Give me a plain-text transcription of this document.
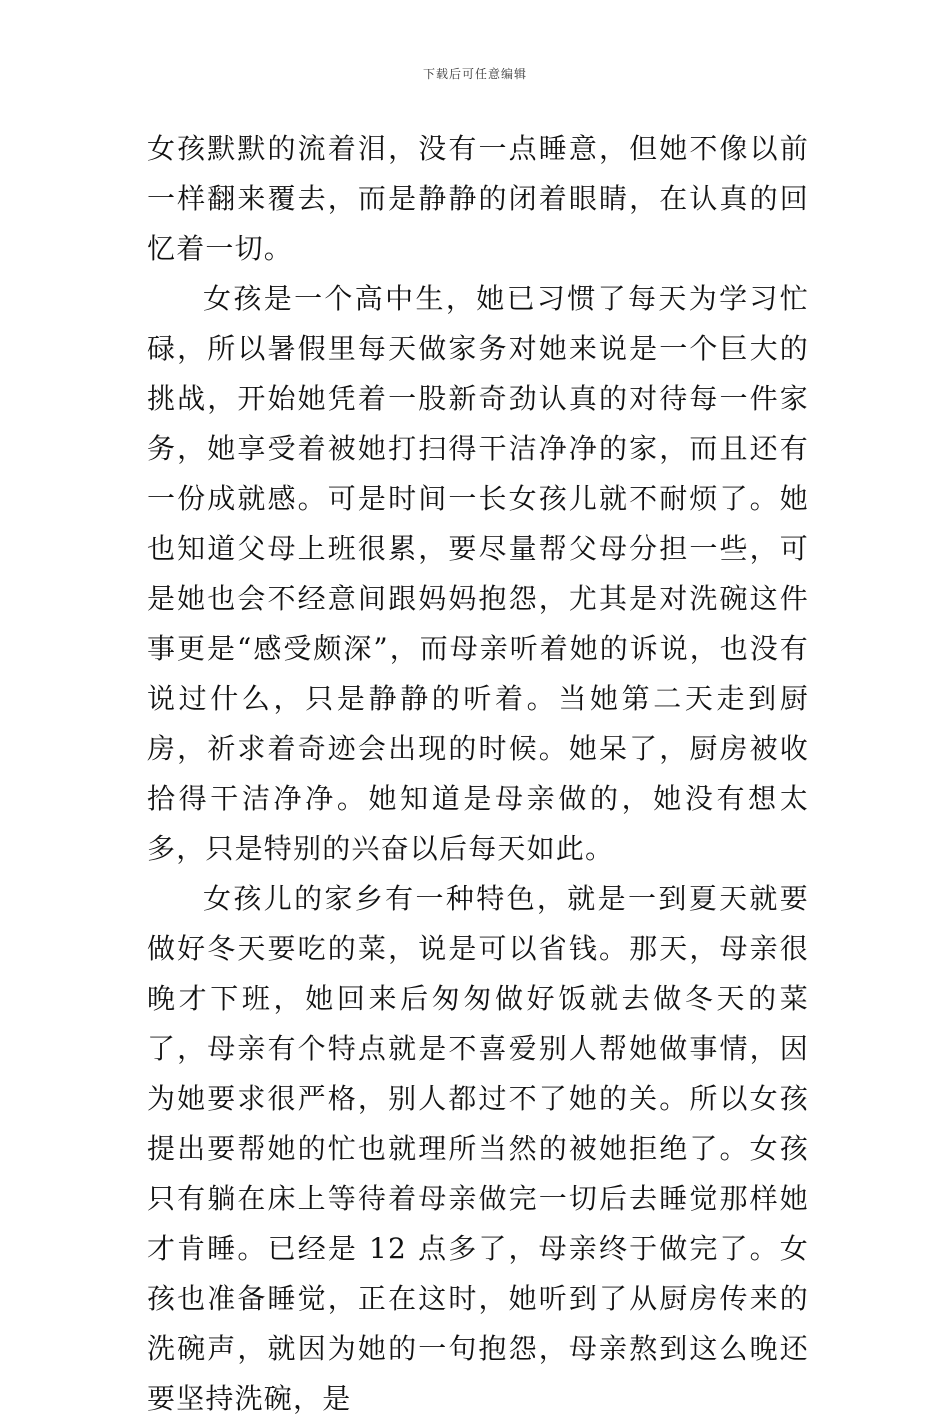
下载后可任意编辑

女孩默默的流着泪，没有一点睡意，但她不像以前一样翻来覆去，而是静静的闭着眼睛，在认真的回忆着一切。

女孩是一个高中生，她已习惯了每天为学习忙碌，所以暑假里每天做家务对她来说是一个巨大的挑战，开始她凭着一股新奇劲认真的对待每一件家务，她享受着被她打扫得干洁净净的家，而且还有一份成就感。可是时间一长女孩儿就不耐烦了。她也知道父母上班很累，要尽量帮父母分担一些，可是她也会不经意间跟妈妈抱怨，尤其是对洗碗这件事更是“感受颇深”，而母亲听着她的诉说，也没有说过什么，只是静静的听着。当她第二天走到厨房，祈求着奇迹会出现的时候。她呆了，厨房被收拾得干洁净净。她知道是母亲做的，她没有想太多，只是特别的兴奋以后每天如此。

女孩儿的家乡有一种特色，就是一到夏天就要做好冬天要吃的菜，说是可以省钱。那天，母亲很晚才下班，她回来后匆匆做好饭就去做冬天的菜了，母亲有个特点就是不喜爱别人帮她做事情，因为她要求很严格，别人都过不了她的关。所以女孩提出要帮她的忙也就理所当然的被她拒绝了。女孩只有躺在床上等待着母亲做完一切后去睡觉那样她才肯睡。已经是 12 点多了，母亲终于做完了。女孩也准备睡觉，正在这时，她听到了从厨房传来的洗碗声，就因为她的一句抱怨，母亲熬到这么晚还要坚持洗碗，是
